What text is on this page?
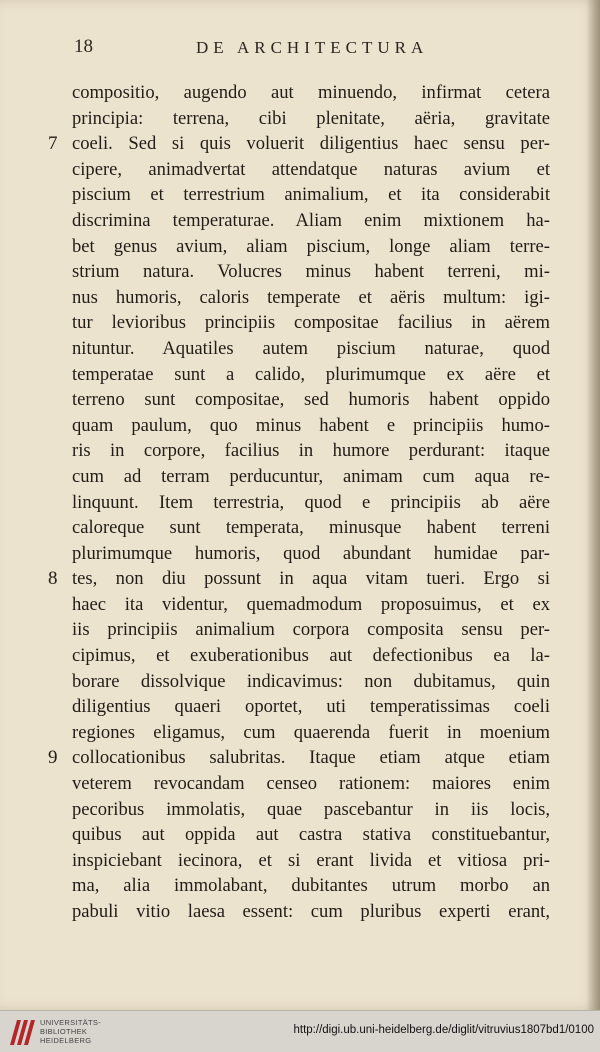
18	DE ARCHITECTURA
compositio, augendo aut minuendo, infirmat cetera
principia: terrena, cibi plenitate, aëria, gravitate
coeli. Sed si quis voluerit diligentius haec sensu per-
7
cipere, animadvertat attendatque naturas avium et
piscium et terrestrium animalium, et ita considerabit
discrimina temperaturae. Aliam enim mixtionem ha-
bet genus avium, aliam piscium, longe aliam terre-
strium natura. Volucres minus habent terreni, mi-
nus humoris, caloris temperate et aëris multum: igi-
tur levioribus principiis compositae facilius in aërem
nituntur. Aquatiles autem piscium naturae, quod
temperatae sunt a calido, plurimumque ex aëre et
terreno sunt compositae, sed humoris habent oppido
quam paulum, quo minus habent e principiis humo-
ris in corpore, facilius in humore perdurant: itaque
cum ad terram perducuntur, animam cum aqua re-
linquunt. Item terrestria, quod e principiis ab aëre
caloreque sunt temperata, minusque habent terreni
plurimumque humoris, quod abundant humidae par-
tes, non diu possunt in aqua vitam tueri. Ergo si
8
haec ita videntur, quemadmodum proposuimus, et ex
iis principiis animalium corpora composita sensu per-
cipimus, et exuberationibus aut defectionibus ea la-
borare dissolvique indicavimus: non dubitamus, quin
diligentius quaeri oportet, uti temperatissimas coeli
regiones eligamus, cum quaerenda fuerit in moenium
collocationibus salubritas. Itaque etiam atque etiam
9
veterem revocandam censeo rationem: maiores enim
pecoribus immolatis, quae pascebantur in iis locis,
quibus aut oppida aut castra stativa constituebantur,
inspiciebant iecinora, et si erant livida et vitiosa pri-
ma, alia immolabant, dubitantes utrum morbo an
pabuli vitio laesa essent: cum pluribus experti erant,
UNIVERSITÄTS-
BIBLIOTHEK
HEIDELBERG
http://digi.ub.uni-heidelberg.de/diglit/vitruvius1807bd1/0100
